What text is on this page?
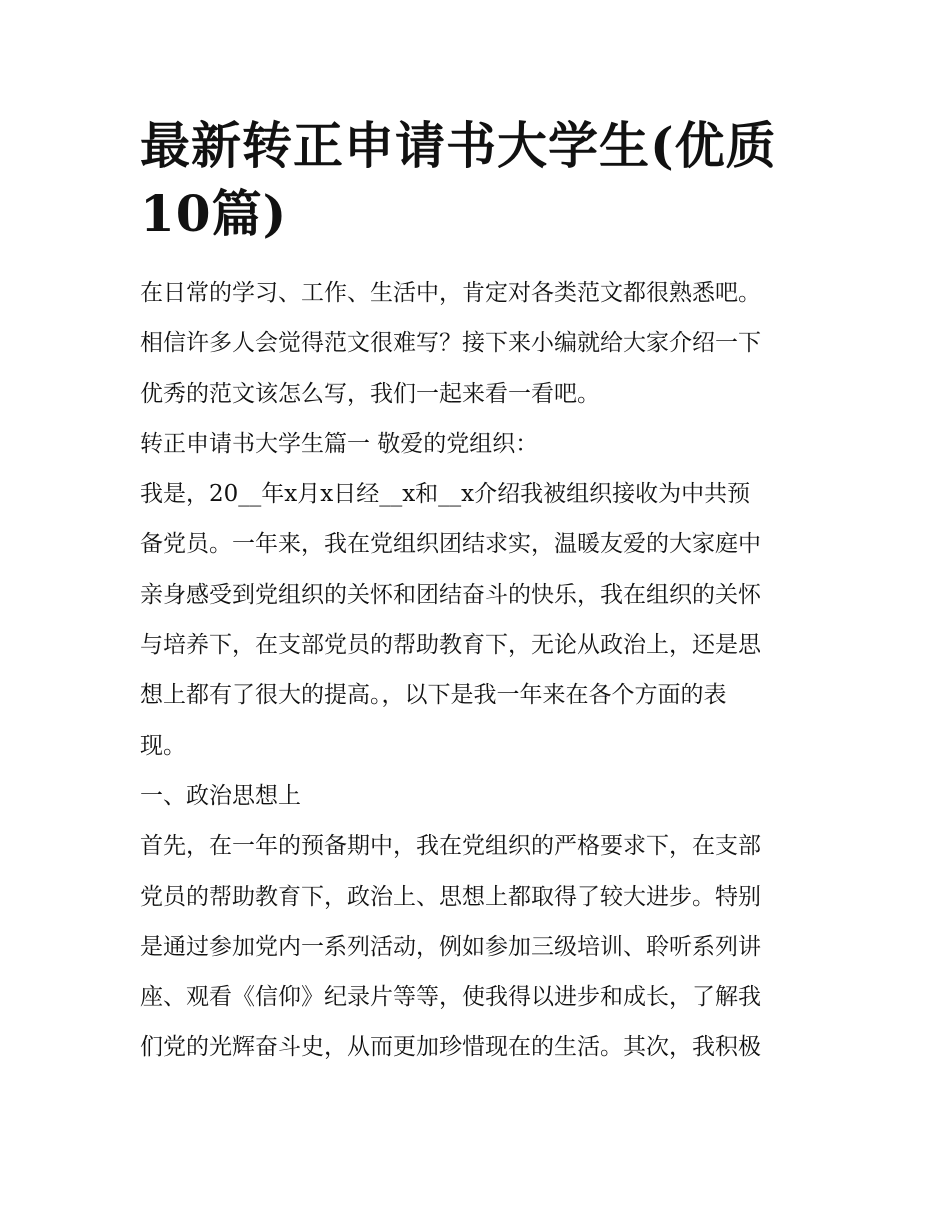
最新转正申请书大学生(优质
10篇)

在日常的学习、工作、生活中，肯定对各类范文都很熟悉吧。
相信许多人会觉得范文很难写？接下来小编就给大家介绍一下
优秀的范文该怎么写，我们一起来看一看吧。

转正申请书大学生篇一 敬爱的党组织：

我是，20__年x月x日经__x和__x介绍我被组织接收为中共预
备党员。一年来，我在党组织团结求实，温暖友爱的大家庭中
亲身感受到党组织的关怀和团结奋斗的快乐，我在组织的关怀
与培养下，在支部党员的帮助教育下，无论从政治上，还是思
想上都有了很大的提高。，以下是我一年来在各个方面的表
现。

一、政治思想上

首先，在一年的预备期中，我在党组织的严格要求下，在支部
党员的帮助教育下，政治上、思想上都取得了较大进步。特别
是通过参加党内一系列活动，例如参加三级培训、聆听系列讲
座、观看《信仰》纪录片等等，使我得以进步和成长，了解我
们党的光辉奋斗史，从而更加珍惜现在的生活。其次，我积极
